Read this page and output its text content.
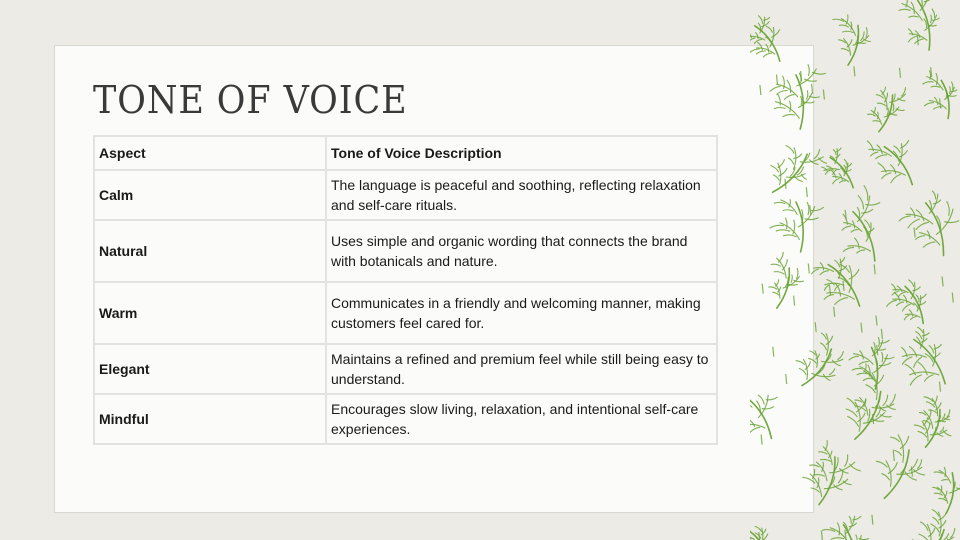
TONE OF VOICE
Aspect	Tone of Voice Description
Calm	The language is peaceful and soothing, reflecting relaxation and self-care rituals.
Natural	Uses simple and organic wording that connects the brand with botanicals and nature.
Warm	Communicates in a friendly and welcoming manner, making customers feel cared for.
Elegant	Maintains a refined and premium feel while still being easy to understand.
Mindful	Encourages slow living, relaxation, and intentional self-care experiences.
